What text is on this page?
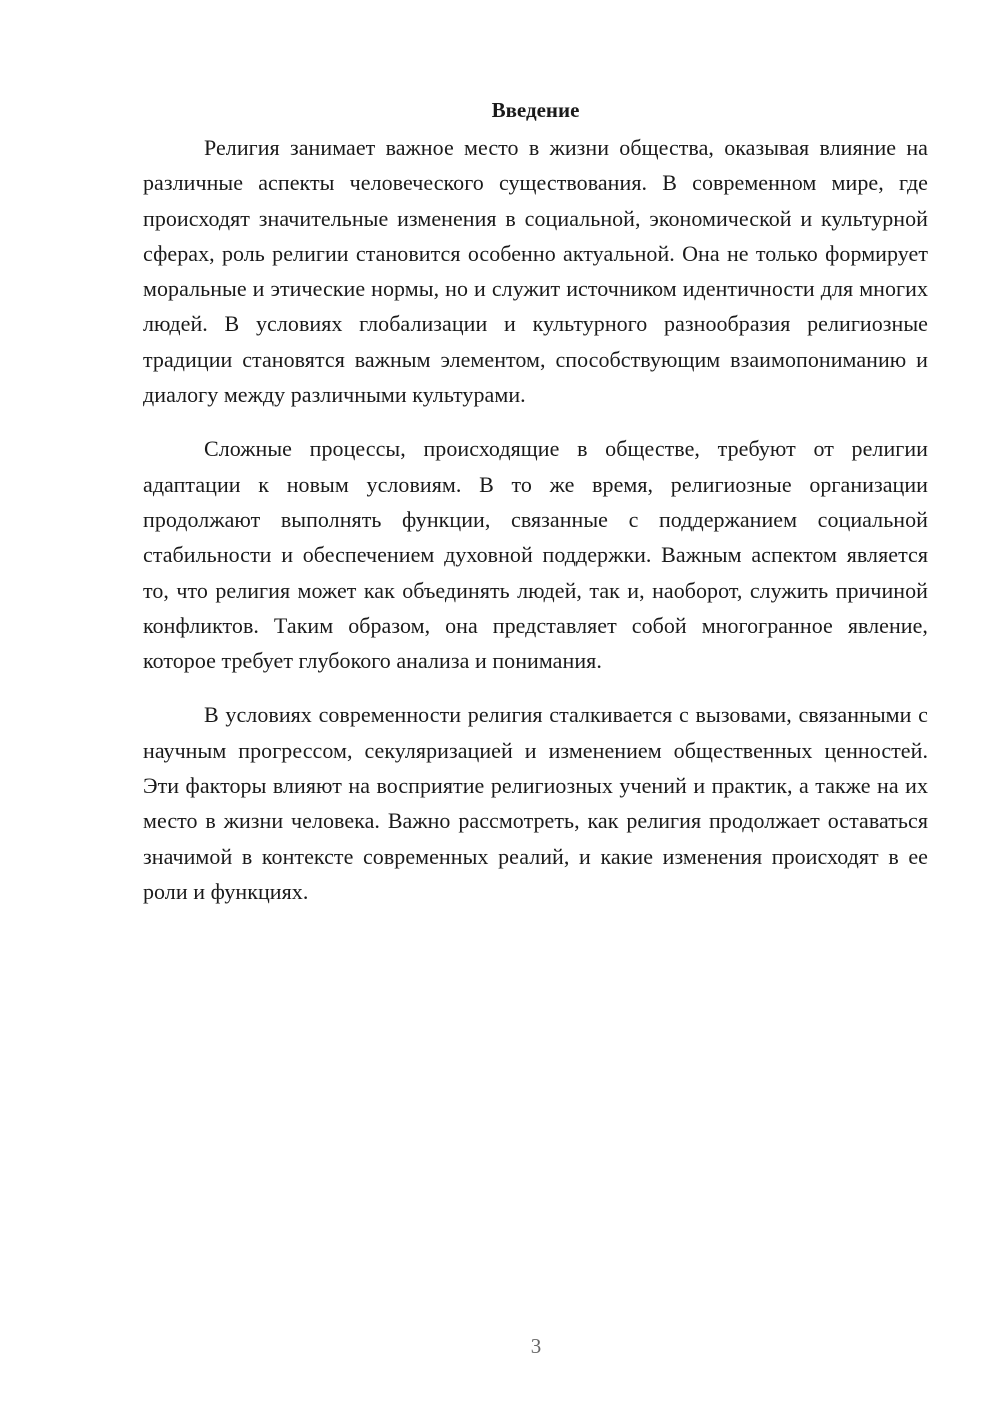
Введение

Религия занимает важное место в жизни общества, оказывая влияние на различные аспекты человеческого существования. В современном мире, где происходят значительные изменения в социальной, экономической и культурной сферах, роль религии становится особенно актуальной. Она не только формирует моральные и этические нормы, но и служит источником идентичности для многих людей. В условиях глобализации и культурного разнообразия религиозные традиции становятся важным элементом, способствующим взаимопониманию и диалогу между различными культурами.

Сложные процессы, происходящие в обществе, требуют от религии адаптации к новым условиям. В то же время, религиозные организации продолжают выполнять функции, связанные с поддержанием социальной стабильности и обеспечением духовной поддержки. Важным аспектом является то, что религия может как объединять людей, так и, наоборот, служить причиной конфликтов. Таким образом, она представляет собой многогранное явление, которое требует глубокого анализа и понимания.

В условиях современности религия сталкивается с вызовами, связанными с научным прогрессом, секуляризацией и изменением общественных ценностей. Эти факторы влияют на восприятие религиозных учений и практик, а также на их место в жизни человека. Важно рассмотреть, как религия продолжает оставаться значимой в контексте современных реалий, и какие изменения происходят в ее роли и функциях.

3
